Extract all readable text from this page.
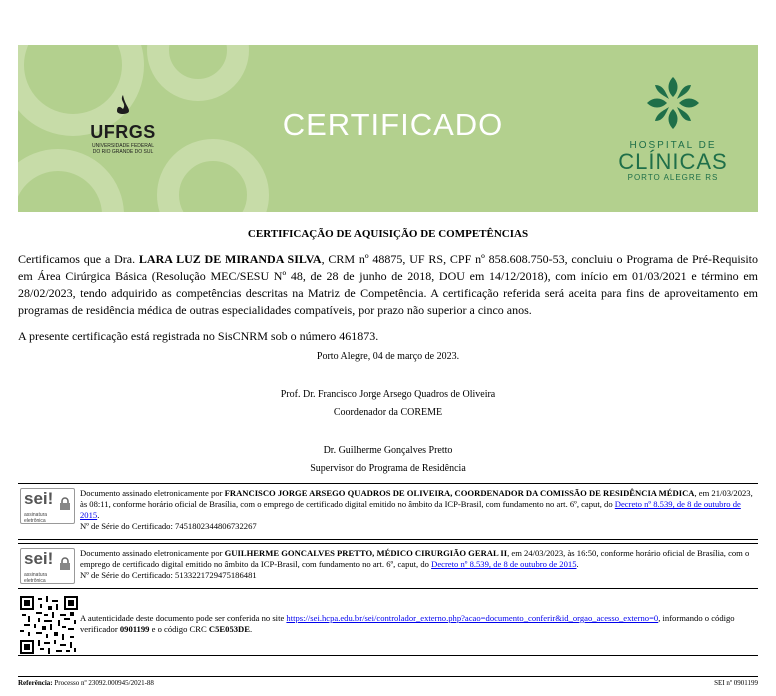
UFRGS
UNIVERSIDADE FEDERAL
DO RIO GRANDE DO SUL
CERTIFICADO
HOSPITAL DE
CLÍNICAS
PORTO ALEGRE RS
CERTIFICAÇÃO DE AQUISIÇÃO DE COMPETÊNCIAS
Certificamos que a Dra. LARA LUZ DE MIRANDA SILVA, CRM nº 48875, UF RS, CPF nº 858.608.750-53, concluiu o Programa de Pré-Requisito em Área Cirúrgica Básica (Resolução MEC/SESU Nº 48, de 28 de junho de 2018, DOU em 14/12/2018), com início em 01/03/2021 e término em 28/02/2023, tendo adquirido as competências descritas na Matriz de Competência. A certificação referida será aceita para fins de aproveitamento em programas de residência médica de outras especialidades compatíveis, por prazo não superior a cinco anos.
A presente certificação está registrada no SisCNRM sob o número 461873.
Porto Alegre, 04 de março de 2023.
Prof. Dr. Francisco Jorge Arsego Quadros de Oliveira
Coordenador da COREME
Dr. Guilherme Gonçalves Pretto
Supervisor do Programa de Residência
sei!
assinatura
eletrônica
Documento assinado eletronicamente por FRANCISCO JORGE ARSEGO QUADROS DE OLIVEIRA, COORDENADOR DA COMISSÃO DE RESIDÊNCIA MÉDICA, em 21/03/2023, às 08:11, conforme horário oficial de Brasília, com o emprego de certificado digital emitido no âmbito da ICP-Brasil, com fundamento no art. 6º, caput, do Decreto nº 8.539, de 8 de outubro de 2015.
Nº de Série do Certificado: 7451802344806732267
sei!
assinatura
eletrônica
Documento assinado eletronicamente por GUILHERME GONCALVES PRETTO, MÉDICO CIRURGIÃO GERAL II, em 24/03/2023, às 16:50, conforme horário oficial de Brasília, com o emprego de certificado digital emitido no âmbito da ICP-Brasil, com fundamento no art. 6º, caput, do Decreto nº 8.539, de 8 de outubro de 2015.
Nº de Série do Certificado: 5133221729475186481
A autenticidade deste documento pode ser conferida no site https://sei.hcpa.edu.br/sei/controlador_externo.php?acao=documento_conferir&id_orgao_acesso_externo=0, informando o código verificador 0901199 e o código CRC C5E053DE.
Referência: Processo nº 23092.000945/2021-88	SEI nº 0901199
